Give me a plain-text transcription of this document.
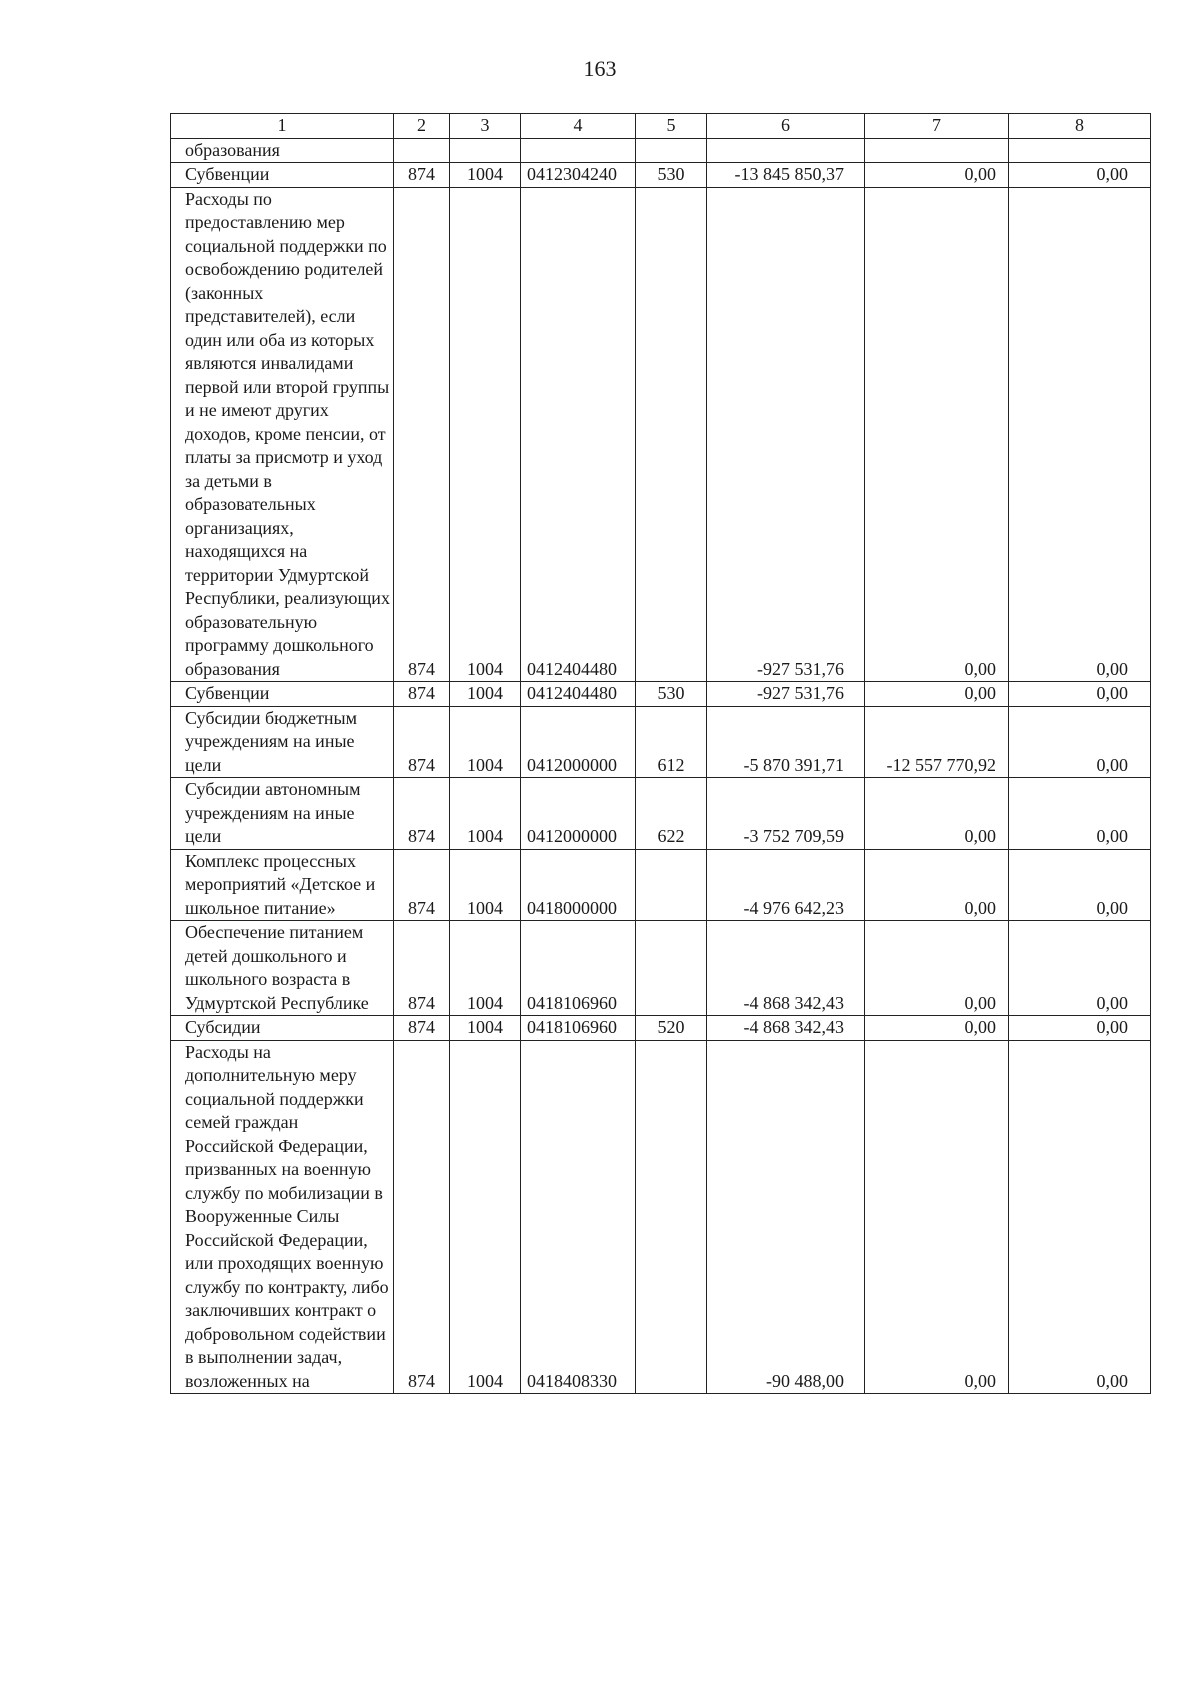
163
1	2	3	4	5	6	7	8
образования							
Субвенции	874	1004	0412304240	530	-13 845 850,37	0,00	0,00
Расходы по предоставлению мер социальной поддержки по освобождению родителей (законных представителей), если один или оба из которых являются инвалидами первой или второй группы и не имеют других доходов, кроме пенсии, от платы за присмотр и уход за детьми в образовательных организациях, находящихся на территории Удмуртской Республики, реализующих образовательную программу дошкольного образования	874	1004	0412404480		-927 531,76	0,00	0,00
Субвенции	874	1004	0412404480	530	-927 531,76	0,00	0,00
Субсидии бюджетным учреждениям на иные цели	874	1004	0412000000	612	-5 870 391,71	-12 557 770,92	0,00
Субсидии автономным учреждениям на иные цели	874	1004	0412000000	622	-3 752 709,59	0,00	0,00
Комплекс процессных мероприятий «Детское и школьное питание»	874	1004	0418000000		-4 976 642,23	0,00	0,00
Обеспечение питанием детей дошкольного и школьного возраста в Удмуртской Республике	874	1004	0418106960		-4 868 342,43	0,00	0,00
Субсидии	874	1004	0418106960	520	-4 868 342,43	0,00	0,00
Расходы на дополнительную меру социальной поддержки семей граждан Российской Федерации, призванных на военную службу по мобилизации в Вооруженные Силы Российской Федерации, или проходящих военную службу по контракту, либо заключивших контракт о добровольном содействии в выполнении задач, возложенных на	874	1004	0418408330		-90 488,00	0,00	0,00
